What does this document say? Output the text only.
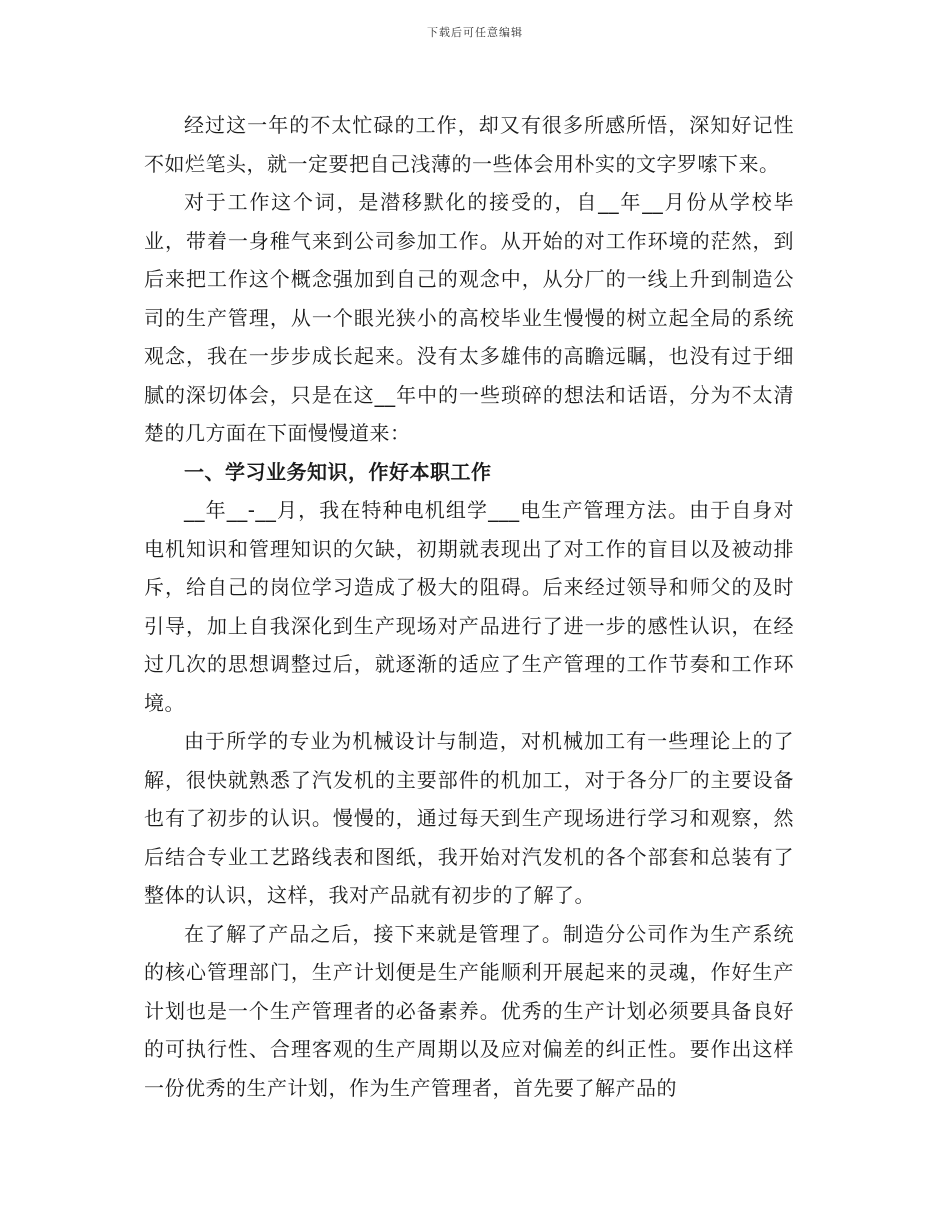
下载后可任意编辑

经过这一年的不太忙碌的工作，却又有很多所感所悟，深知好记性不如烂笔头，就一定要把自己浅薄的一些体会用朴实的文字罗嗦下来。

对于工作这个词，是潜移默化的接受的，自__年__月份从学校毕业，带着一身稚气来到公司参加工作。从开始的对工作环境的茫然，到后来把工作这个概念强加到自己的观念中，从分厂的一线上升到制造公司的生产管理，从一个眼光狭小的高校毕业生慢慢的树立起全局的系统观念，我在一步步成长起来。没有太多雄伟的高瞻远瞩，也没有过于细腻的深切体会，只是在这__年中的一些琐碎的想法和话语，分为不太清楚的几方面在下面慢慢道来：

一、学习业务知识，作好本职工作

__年__-__月，我在特种电机组学___电生产管理方法。由于自身对电机知识和管理知识的欠缺，初期就表现出了对工作的盲目以及被动排斥，给自己的岗位学习造成了极大的阻碍。后来经过领导和师父的及时引导，加上自我深化到生产现场对产品进行了进一步的感性认识，在经过几次的思想调整过后，就逐渐的适应了生产管理的工作节奏和工作环境。

由于所学的专业为机械设计与制造，对机械加工有一些理论上的了解，很快就熟悉了汽发机的主要部件的机加工，对于各分厂的主要设备也有了初步的认识。慢慢的，通过每天到生产现场进行学习和观察，然后结合专业工艺路线表和图纸，我开始对汽发机的各个部套和总装有了整体的认识，这样，我对产品就有初步的了解了。

在了解了产品之后，接下来就是管理了。制造分公司作为生产系统的核心管理部门，生产计划便是生产能顺利开展起来的灵魂，作好生产计划也是一个生产管理者的必备素养。优秀的生产计划必须要具备良好的可执行性、合理客观的生产周期以及应对偏差的纠正性。要作出这样一份优秀的生产计划，作为生产管理者，首先要了解产品的
